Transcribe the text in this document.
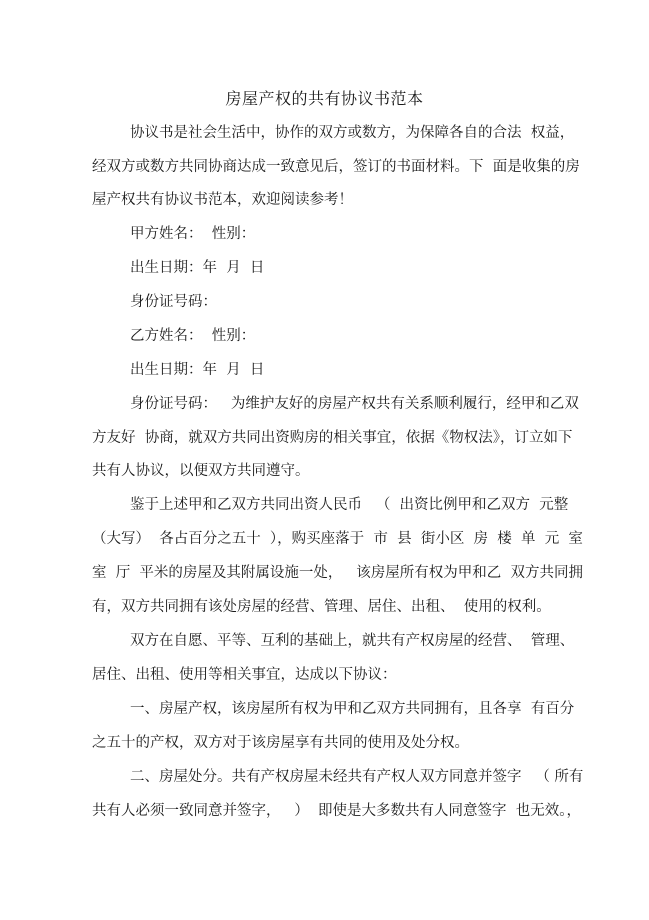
房屋产权的共有协议书范本
协议书是社会生活中，协作的双方或数方，为保障各自的合法  权益，
经双方或数方共同协商达成一致意见后，签订的书面材料。下  面是收集的房
屋产权共有协议书范本，欢迎阅读参考！
甲方姓名：  性别：
出生日期：年  月  日
身份证号码：
乙方姓名：  性别：
出生日期：年  月  日
身份证号码：   为维护友好的房屋产权共有关系顺利履行，经甲和乙双
方友好  协商，就双方共同出资购房的相关事宜，依据《物权法》，订立如下
共有人协议，以便双方共同遵守。
鉴于上述甲和乙双方共同出资人民币   （  出资比例甲和乙双方  元整
（大写）  各占百分之五十  ），购买座落于  市  县  街小区  房  楼  单  元  室
室  厅  平米的房屋及其附属设施一处，   该房屋所有权为甲和乙  双方共同拥
有，双方共同拥有该处房屋的经营、管理、居住、出租、  使用的权利。
双方在自愿、平等、互利的基础上，就共有产权房屋的经营、  管理、
居住、出租、使用等相关事宜，达成以下协议：
一、房屋产权，该房屋所有权为甲和乙双方共同拥有，且各享  有百分
之五十的产权，双方对于该房屋享有共同的使用及处分权。
二、房屋处分。共有产权房屋未经共有产权人双方同意并签字   （ 所有
共有人必须一致同意并签字，   ）  即使是大多数共有人同意签字  也无效。，
